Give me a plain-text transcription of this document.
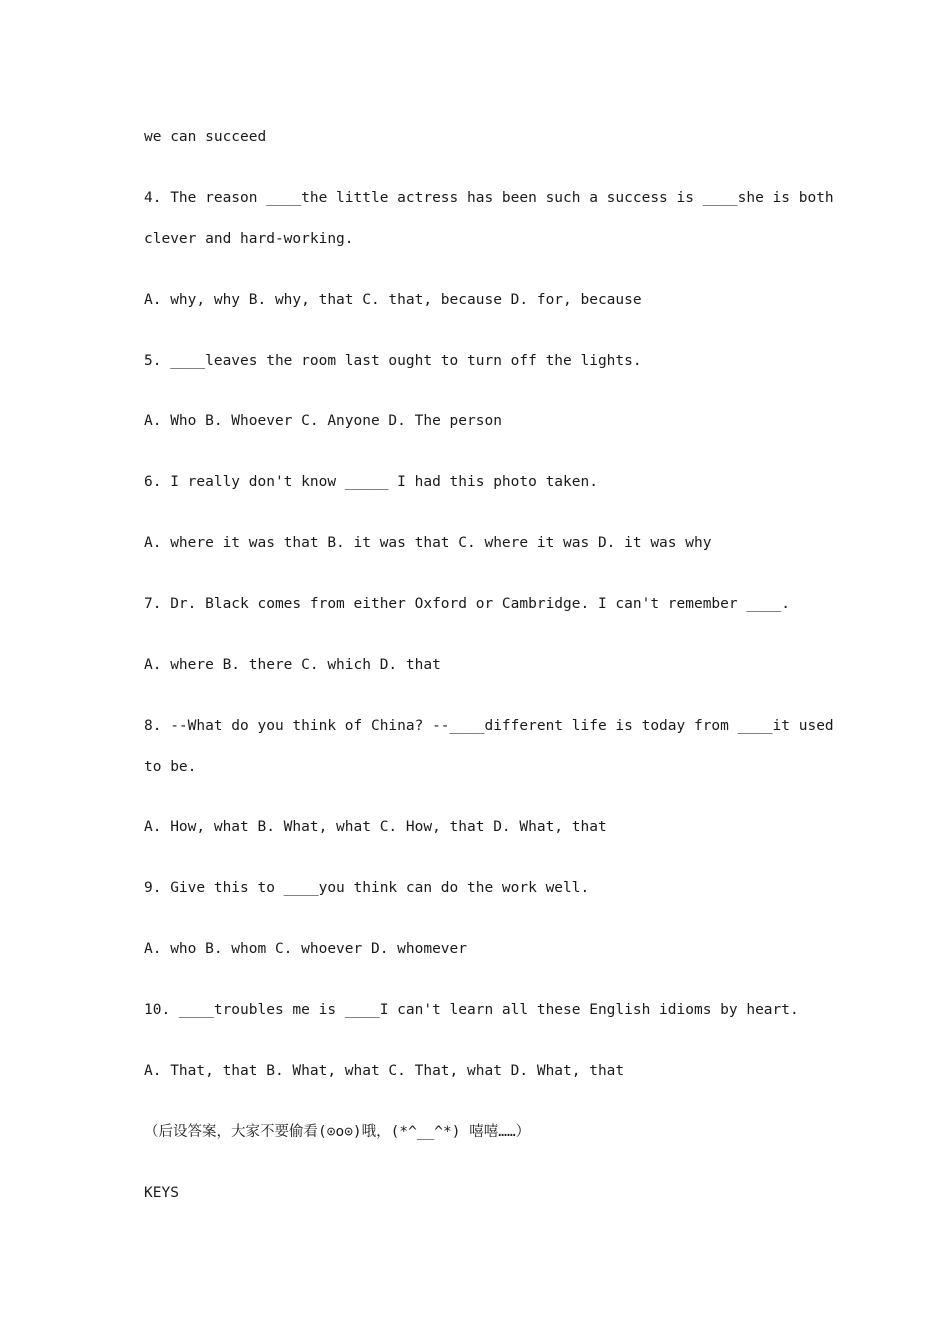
we can succeed
4. The reason ____the little actress has been such a success is ____she is both
clever and hard-working.
A. why, why B. why, that C. that, because D. for, because
5. ____leaves the room last ought to turn off the lights.
A. Who B. Whoever C. Anyone D. The person
6. I really don't know _____ I had this photo taken.
A. where it was that B. it was that C. where it was D. it was why
7. Dr. Black comes from either Oxford or Cambridge. I can't remember ____.
A. where B. there C. which D. that
8. --What do you think of China? --____different life is today from ____it used
to be.
A. How, what B. What, what C. How, that D. What, that
9. Give this to ____you think can do the work well.
A. who B. whom C. whoever D. whomever
10. ____troubles me is ____I can't learn all these English idioms by heart.
A. That, that B. What, what C. That, what D. What, that
（后设答案，大家不要偷看(⊙o⊙)哦，(*^__^*) 嘻嘻……）
KEYS
